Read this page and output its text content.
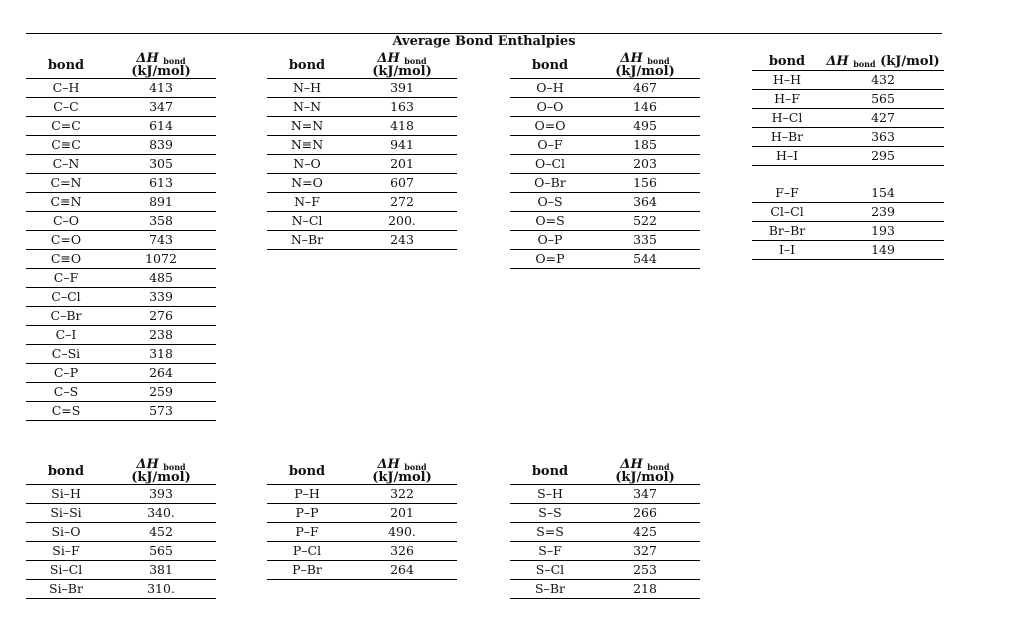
Average Bond Enthalpies
bond	ΔH $_{bond}$ (kJ/mol)
C–H	413
C–C	347
C=C	614
C≡C	839
C–N	305
C=N	613
C≡N	891
C–O	358
C=O	743
C≡O	1072
C–F	485
C–Cl	339
C–Br	276
C–I	238
C–Si	318
C–P	264
C–S	259
C=S	573
bond	ΔH $_{bond}$ (kJ/mol)
N–H	391
N–N	163
N=N	418
N≡N	941
N–O	201
N=O	607
N–F	272
N–Cl	200.
N–Br	243
bond	ΔH $_{bond}$ (kJ/mol)
O–H	467
O–O	146
O=O	495
O–F	185
O–Cl	203
O–Br	156
O–S	364
O=S	522
O–P	335
O=P	544
bond	ΔH $_{bond}$ (kJ/mol)
H–H	432
H–F	565
H–Cl	427
H–Br	363
H–I	295

F–F	154
Cl–Cl	239
Br–Br	193
I–I	149
bond	ΔH $_{bond}$ (kJ/mol)
Si–H	393
Si–Si	340.
Si–O	452
Si–F	565
Si–Cl	381
Si–Br	310.
bond	ΔH $_{bond}$ (kJ/mol)
P–H	322
P–P	201
P–F	490.
P–Cl	326
P–Br	264
bond	ΔH $_{bond}$ (kJ/mol)
S–H	347
S–S	266
S=S	425
S–F	327
S–Cl	253
S–Br	218
